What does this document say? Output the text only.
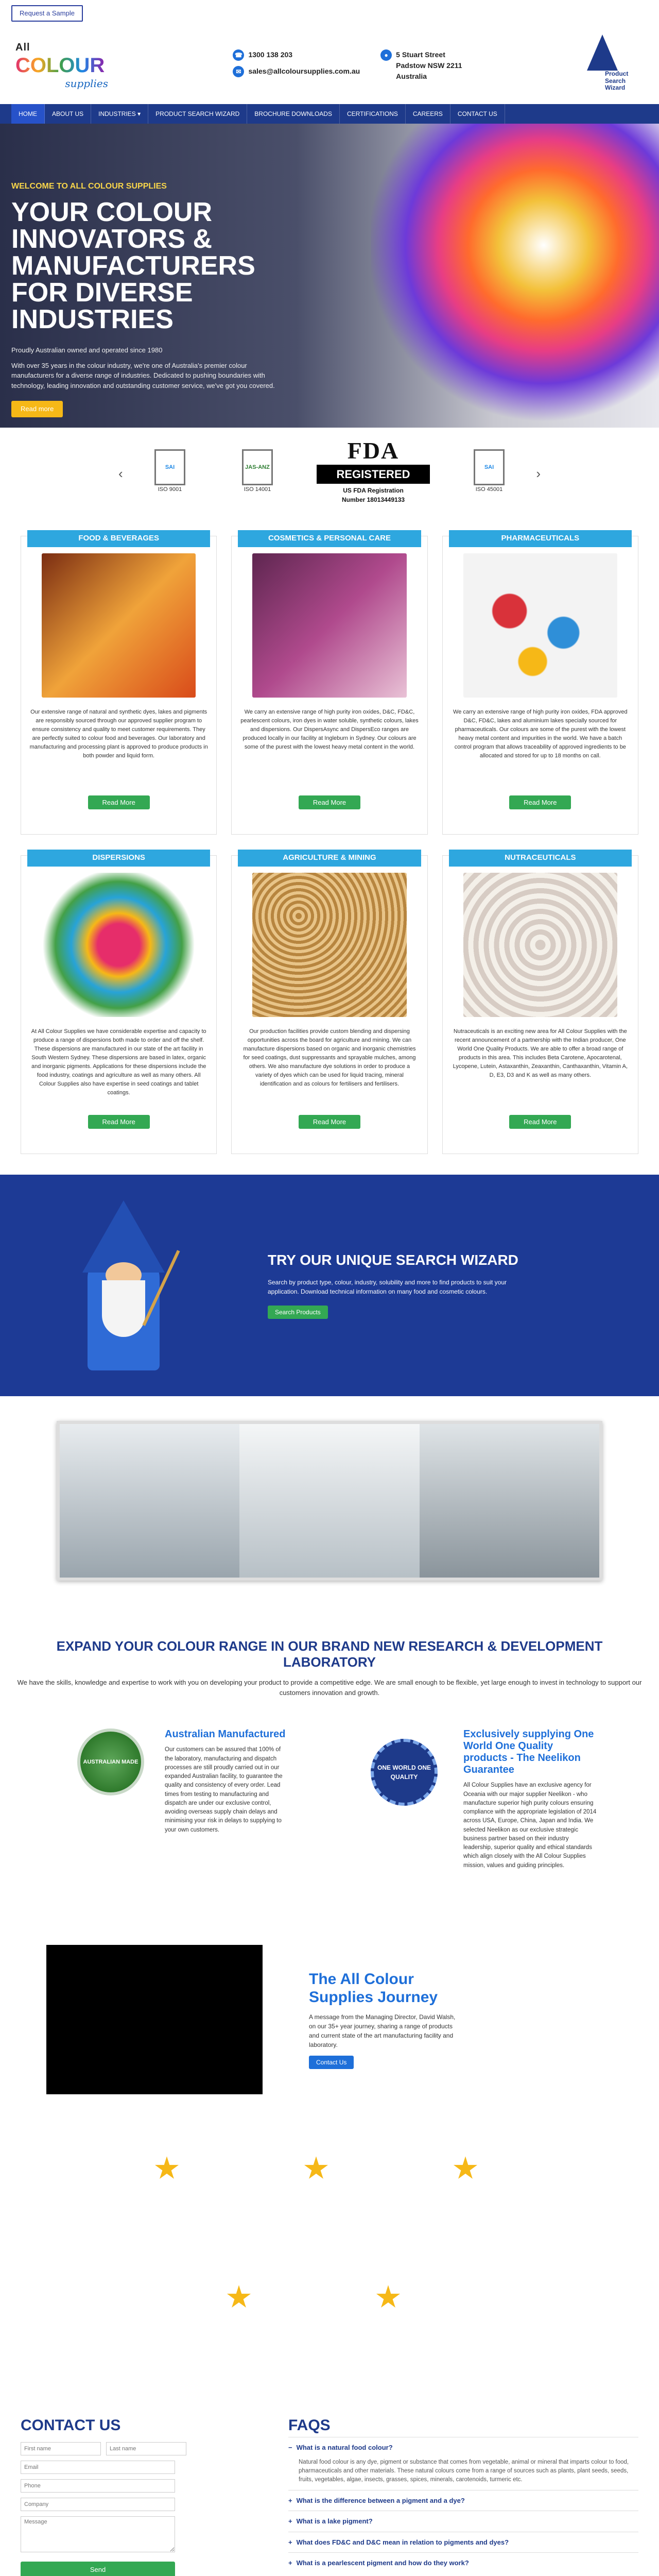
Request a Sample
All
COLOUR
supplies
☎ 1300 138 203
✉ sales@allcoloursupplies.com.au
●	5 Stuart Street
Padstow NSW 2211
Australia	Product
Search Wizard
HOME	ABOUT US	INDUSTRIES ▾	PRODUCT SEARCH WIZARD	BROCHURE DOWNLOADS	CERTIFICATIONS	CAREERS	CONTACT US
WELCOME TO ALL COLOUR SUPPLIES
YOUR COLOUR INNOVATORS & MANUFACTURERS FOR DIVERSE INDUSTRIES

Proudly Australian owned and operated since 1980

With over 35 years in the colour industry, we're one of Australia's premier colour manufacturers for a diverse range of industries. Dedicated to pushing boundaries with technology, leading innovation and outstanding customer service, we've got you covered.

Read more
‹	SAI
ISO 9001
JAS-ANZ
ISO 14001
FDA
REGISTERED
US FDA Registration
Number 18013449133
SAI
ISO 45001
›
FOOD & BEVERAGES

Our extensive range of natural and synthetic dyes, lakes and pigments are responsibly sourced through our approved supplier program to ensure consistency and quality to meet customer requirements. They are perfectly suited to colour food and beverages. Our laboratory and manufacturing and processing plant is approved to produce products in both powder and liquid form.

Read More
COSMETICS & PERSONAL CARE

We carry an extensive range of high purity iron oxides, D&C, FD&C, pearlescent colours, iron dyes in water soluble, synthetic colours, lakes and dispersions. Our DispersAsync and DispersEco ranges are produced locally in our facility at Ingleburn in Sydney. Our colours are some of the purest with the lowest heavy metal content in the world.

Read More
PHARMACEUTICALS

We carry an extensive range of high purity iron oxides, FDA approved D&C, FD&C, lakes and aluminium lakes specially sourced for pharmaceuticals. Our colours are some of the purest with the lowest heavy metal content and impurities in the world. We have a batch control program that allows traceability of approved ingredients to be allocated and stored for up to 18 months on call.

Read More
DISPERSIONS

At All Colour Supplies we have considerable expertise and capacity to produce a range of dispersions both made to order and off the shelf. These dispersions are manufactured in our state of the art facility in South Western Sydney. These dispersions are based in latex, organic and inorganic pigments. Applications for these dispersions include the food industry, coatings and agriculture as well as many others. All Colour Supplies also have expertise in seed coatings and tablet coatings.

Read More
AGRICULTURE & MINING

Our production facilities provide custom blending and dispersing opportunities across the board for agriculture and mining. We can manufacture dispersions based on organic and inorganic chemistries for seed coatings, dust suppressants and sprayable mulches, among others. We also manufacture dye solutions in order to produce a variety of dyes which can be used for liquid tracing, mineral identification and as colours for fertilisers and fertilisers.

Read More
NUTRACEUTICALS

Nutraceuticals is an exciting new area for All Colour Supplies with the recent announcement of a partnership with the Indian producer, One World One Quality Products. We are able to offer a broad range of products in this area. This includes Beta Carotene, Apocarotenal, Lycopene, Lutein, Astaxanthin, Zeaxanthin, Canthaxanthin, Vitamin A, D, E3, D3 and K as well as many others.

Read More
TRY OUR UNIQUE SEARCH WIZARD

Search by product type, colour, industry, solubility and more to find products to suit your application. Download technical information on many food and cosmetic colours.

Search Products
EXPAND YOUR COLOUR RANGE IN OUR BRAND NEW RESEARCH & DEVELOPMENT LABORATORY

We have the skills, knowledge and expertise to work with you on developing your product to provide a competitive edge. We are small enough to be flexible, yet large enough to invest in technology to support our customers innovation and growth.

AUSTRALIAN MADE
Australian Manufactured

Our customers can be assured that 100% of the laboratory, manufacturing and dispatch processes are still proudly carried out in our expanded Australian facility, to guarantee the quality and consistency of every order. Lead times from testing to manufacturing and dispatch are under our exclusive control, avoiding overseas supply chain delays and minimising your risk in delays to supplying to your own customers.

ONE WORLD ONE QUALITY
Exclusively supplying One World One Quality products - The Neelikon Guarantee

All Colour Supplies have an exclusive agency for Oceania with our major supplier Neelikon - who manufacture superior high purity colours ensuring compliance with the appropriate legislation of 2014 across USA, Europe, China, Japan and India. We selected Neelikon as our exclusive strategic business partner based on their industry leadership, superior quality and ethical standards which align closely with the All Colour Supplies mission, values and guiding principles.

The All Colour Supplies Journey

A message from the Managing Director, David Walsh, on our 35+ year journey, sharing a range of products and current state of the art manufacturing facility and laboratory.

Contact Us
CONTACT US
First name
Last name
Email
Phone
Company
Message
Send

FAQS
− What is a natural food colour?

Natural food colour is any dye, pigment or substance that comes from vegetable, animal or mineral that imparts colour to food, pharmaceuticals and other materials. These natural colours come from a range of sources such as plants, plant seeds, seeds, fruits, vegetables, algae, insects, grasses, spices, minerals, carotenoids, turmeric etc.

+ What is the difference between a pigment and a dye?
+ What is a lake pigment?
+ What does FD&C and D&C mean in relation to pigments and dyes?
+ What is a pearlescent pigment and how do they work?
